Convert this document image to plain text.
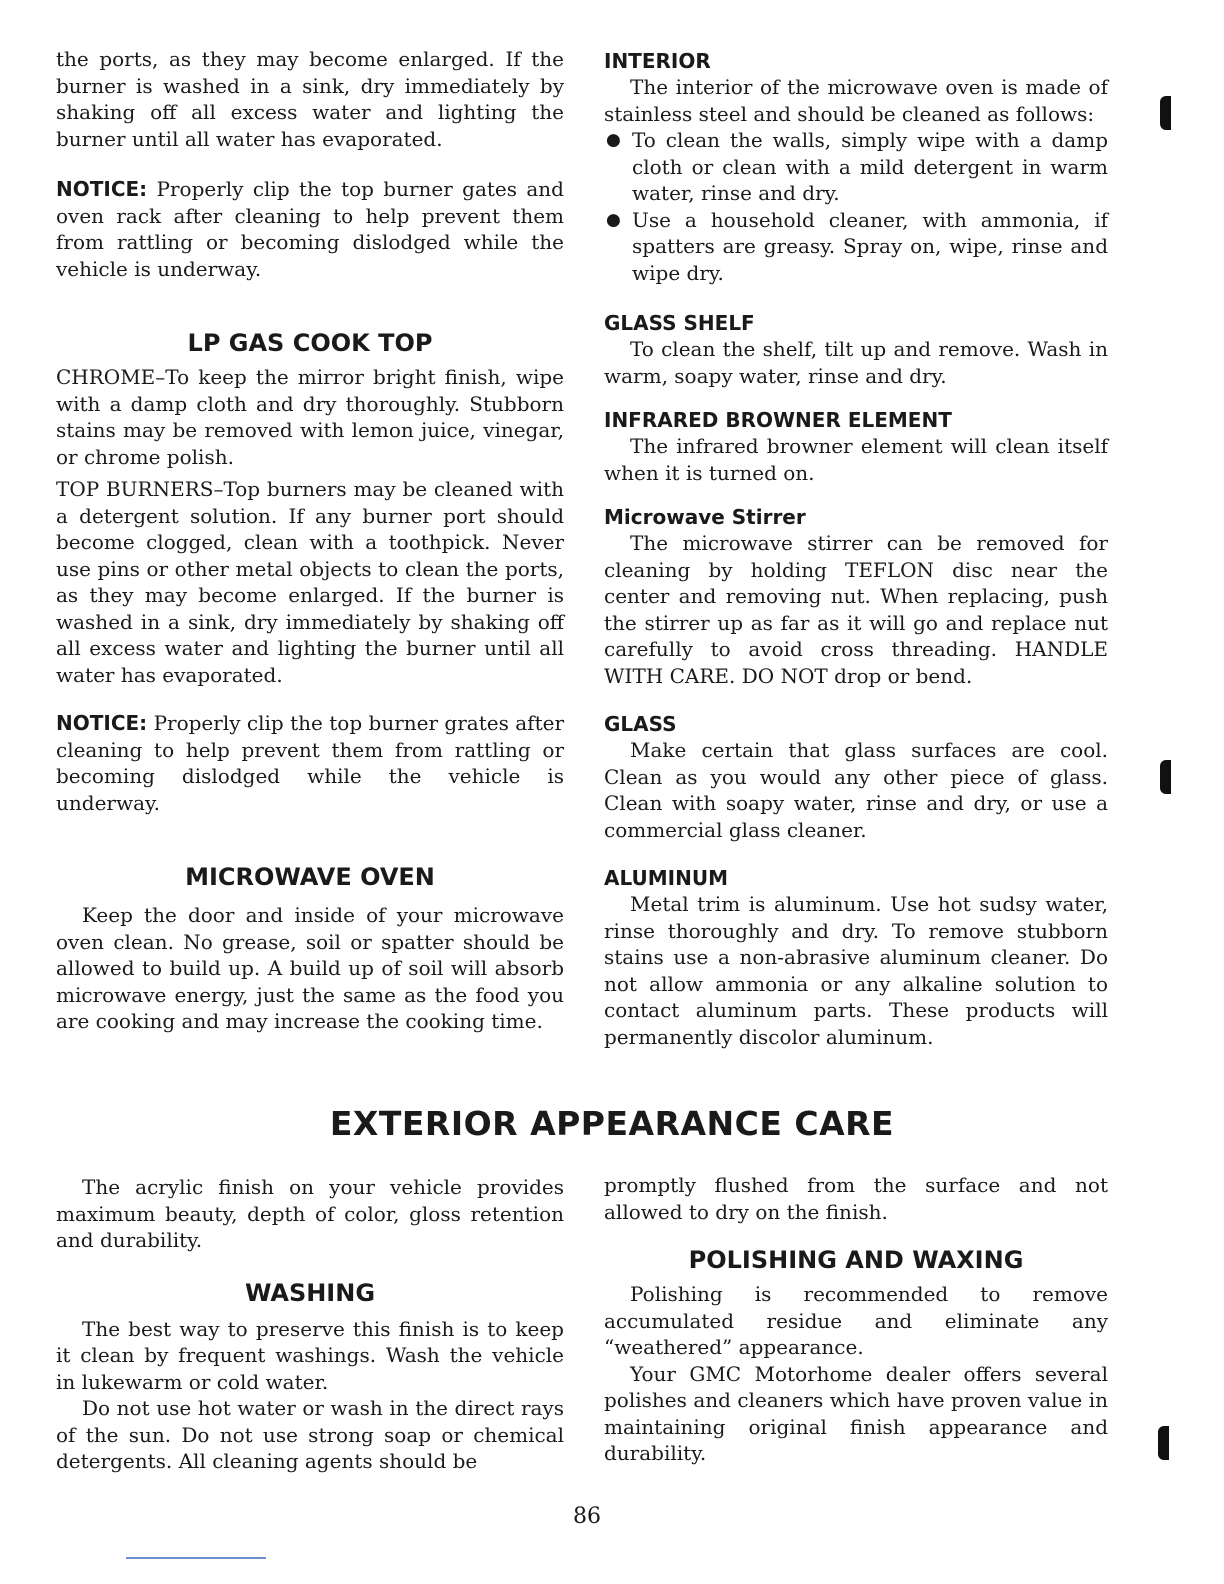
the ports, as they may become enlarged. If the burner is washed in a sink, dry immediately by shaking off all excess water and lighting the burner until all water has evaporated.

NOTICE: Properly clip the top burner gates and oven rack after cleaning to help prevent them from rattling or becoming dislodged while the vehicle is underway.

LP GAS COOK TOP

CHROME–To keep the mirror bright finish, wipe with a damp cloth and dry thoroughly. Stubborn stains may be removed with lemon juice, vinegar, or chrome polish.

TOP BURNERS–Top burners may be cleaned with a detergent solution. If any burner port should become clogged, clean with a toothpick. Never use pins or other metal objects to clean the ports, as they may become enlarged. If the burner is washed in a sink, dry immediately by shaking off all excess water and lighting the burner until all water has evaporated.

NOTICE: Properly clip the top burner grates after cleaning to help prevent them from rattling or becoming dislodged while the vehicle is underway.

MICROWAVE OVEN

Keep the door and inside of your microwave oven clean. No grease, soil or spatter should be allowed to build up. A build up of soil will absorb microwave energy, just the same as the food you are cooking and may increase the cooking time.

INTERIOR

The interior of the microwave oven is made of stainless steel and should be cleaned as follows:

● To clean the walls, simply wipe with a damp cloth or clean with a mild detergent in warm water, rinse and dry.
● Use a household cleaner, with ammonia, if spatters are greasy. Spray on, wipe, rinse and wipe dry.
GLASS SHELF

To clean the shelf, tilt up and remove. Wash in warm, soapy water, rinse and dry.

INFRARED BROWNER ELEMENT

The infrared browner element will clean itself when it is turned on.

Microwave Stirrer

The microwave stirrer can be removed for cleaning by holding TEFLON disc near the center and removing nut. When replacing, push the stirrer up as far as it will go and replace nut carefully to avoid cross threading. HANDLE WITH CARE. DO NOT drop or bend.

GLASS

Make certain that glass surfaces are cool. Clean as you would any other piece of glass. Clean with soapy water, rinse and dry, or use a commercial glass cleaner.

ALUMINUM

Metal trim is aluminum. Use hot sudsy water, rinse thoroughly and dry. To remove stubborn stains use a non-abrasive aluminum cleaner. Do not allow ammonia or any alkaline solution to contact aluminum parts. These products will permanently discolor aluminum.

EXTERIOR APPEARANCE CARE

The acrylic finish on your vehicle provides maximum beauty, depth of color, gloss retention and durability.

WASHING

The best way to preserve this finish is to keep it clean by frequent washings. Wash the vehicle in lukewarm or cold water.

Do not use hot water or wash in the direct rays of the sun. Do not use strong soap or chemical detergents. All cleaning agents should be

promptly flushed from the surface and not allowed to dry on the finish.

POLISHING AND WAXING

Polishing is recommended to remove accumulated residue and eliminate any “weathered” appearance.

Your GMC Motorhome dealer offers several polishes and cleaners which have proven value in maintaining original finish appearance and durability.

86
